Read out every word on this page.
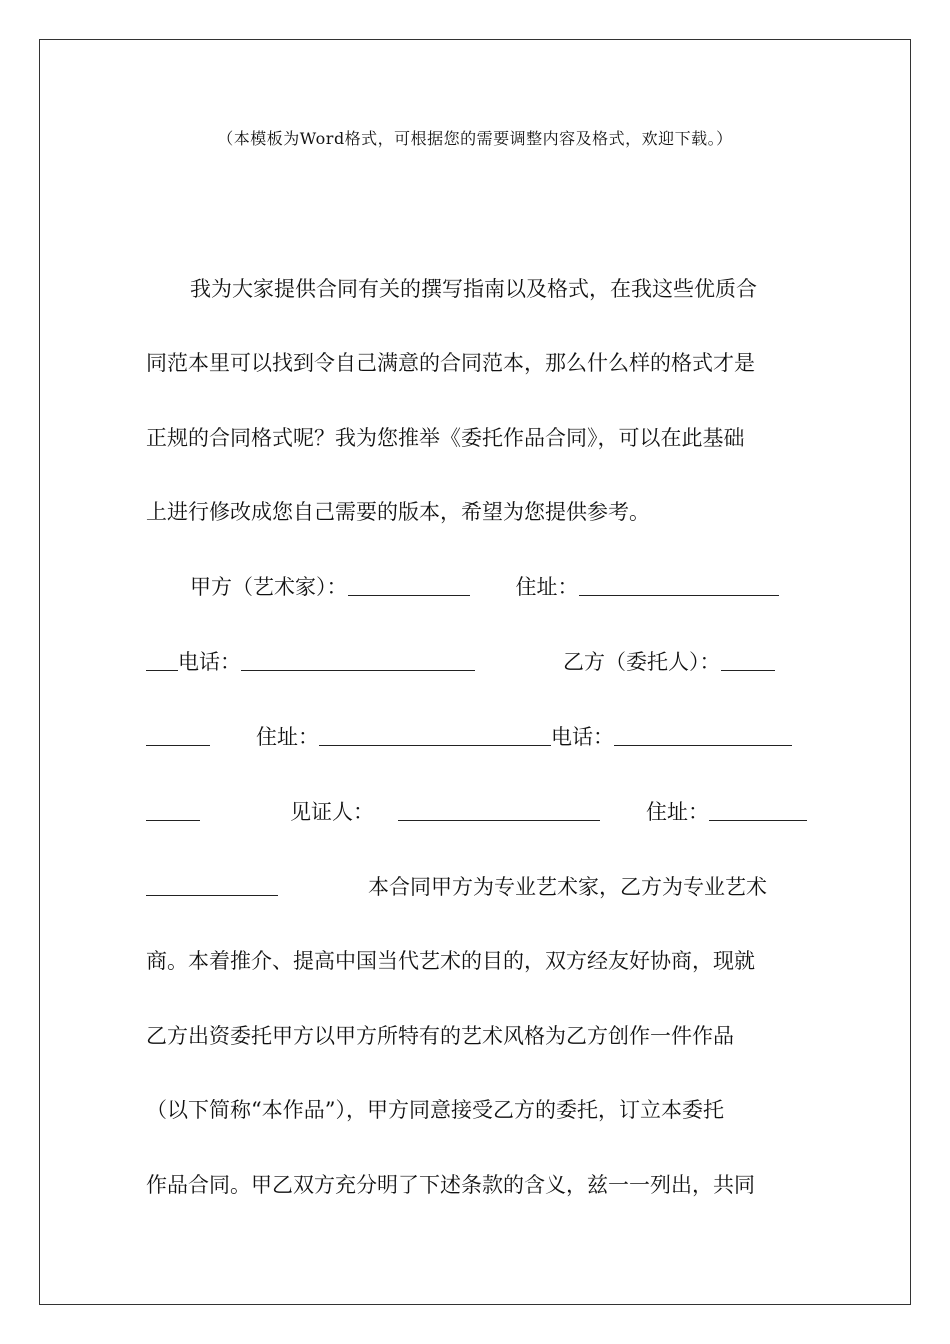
（本模板为Word格式，可根据您的需要调整内容及格式，欢迎下载。）
我为大家提供合同有关的撰写指南以及格式，在我这些优质合
同范本里可以找到令自己满意的合同范本，那么什么样的格式才是
正规的合同格式呢？我为您推举《委托作品合同》，可以在此基础
上进行修改成您自己需要的版本，希望为您提供参考。
甲方（艺术家）：	住址：
电话：	乙方（委托人）：
住址：	电话：
见证人：	住址：
本合同甲方为专业艺术家，乙方为专业艺术
商。本着推介、提高中国当代艺术的目的，双方经友好协商，现就
乙方出资委托甲方以甲方所特有的艺术风格为乙方创作一件作品
（以下简称“本作品”），甲方同意接受乙方的委托，订立本委托
作品合同。甲乙双方充分明了下述条款的含义，兹一一列出，共同
